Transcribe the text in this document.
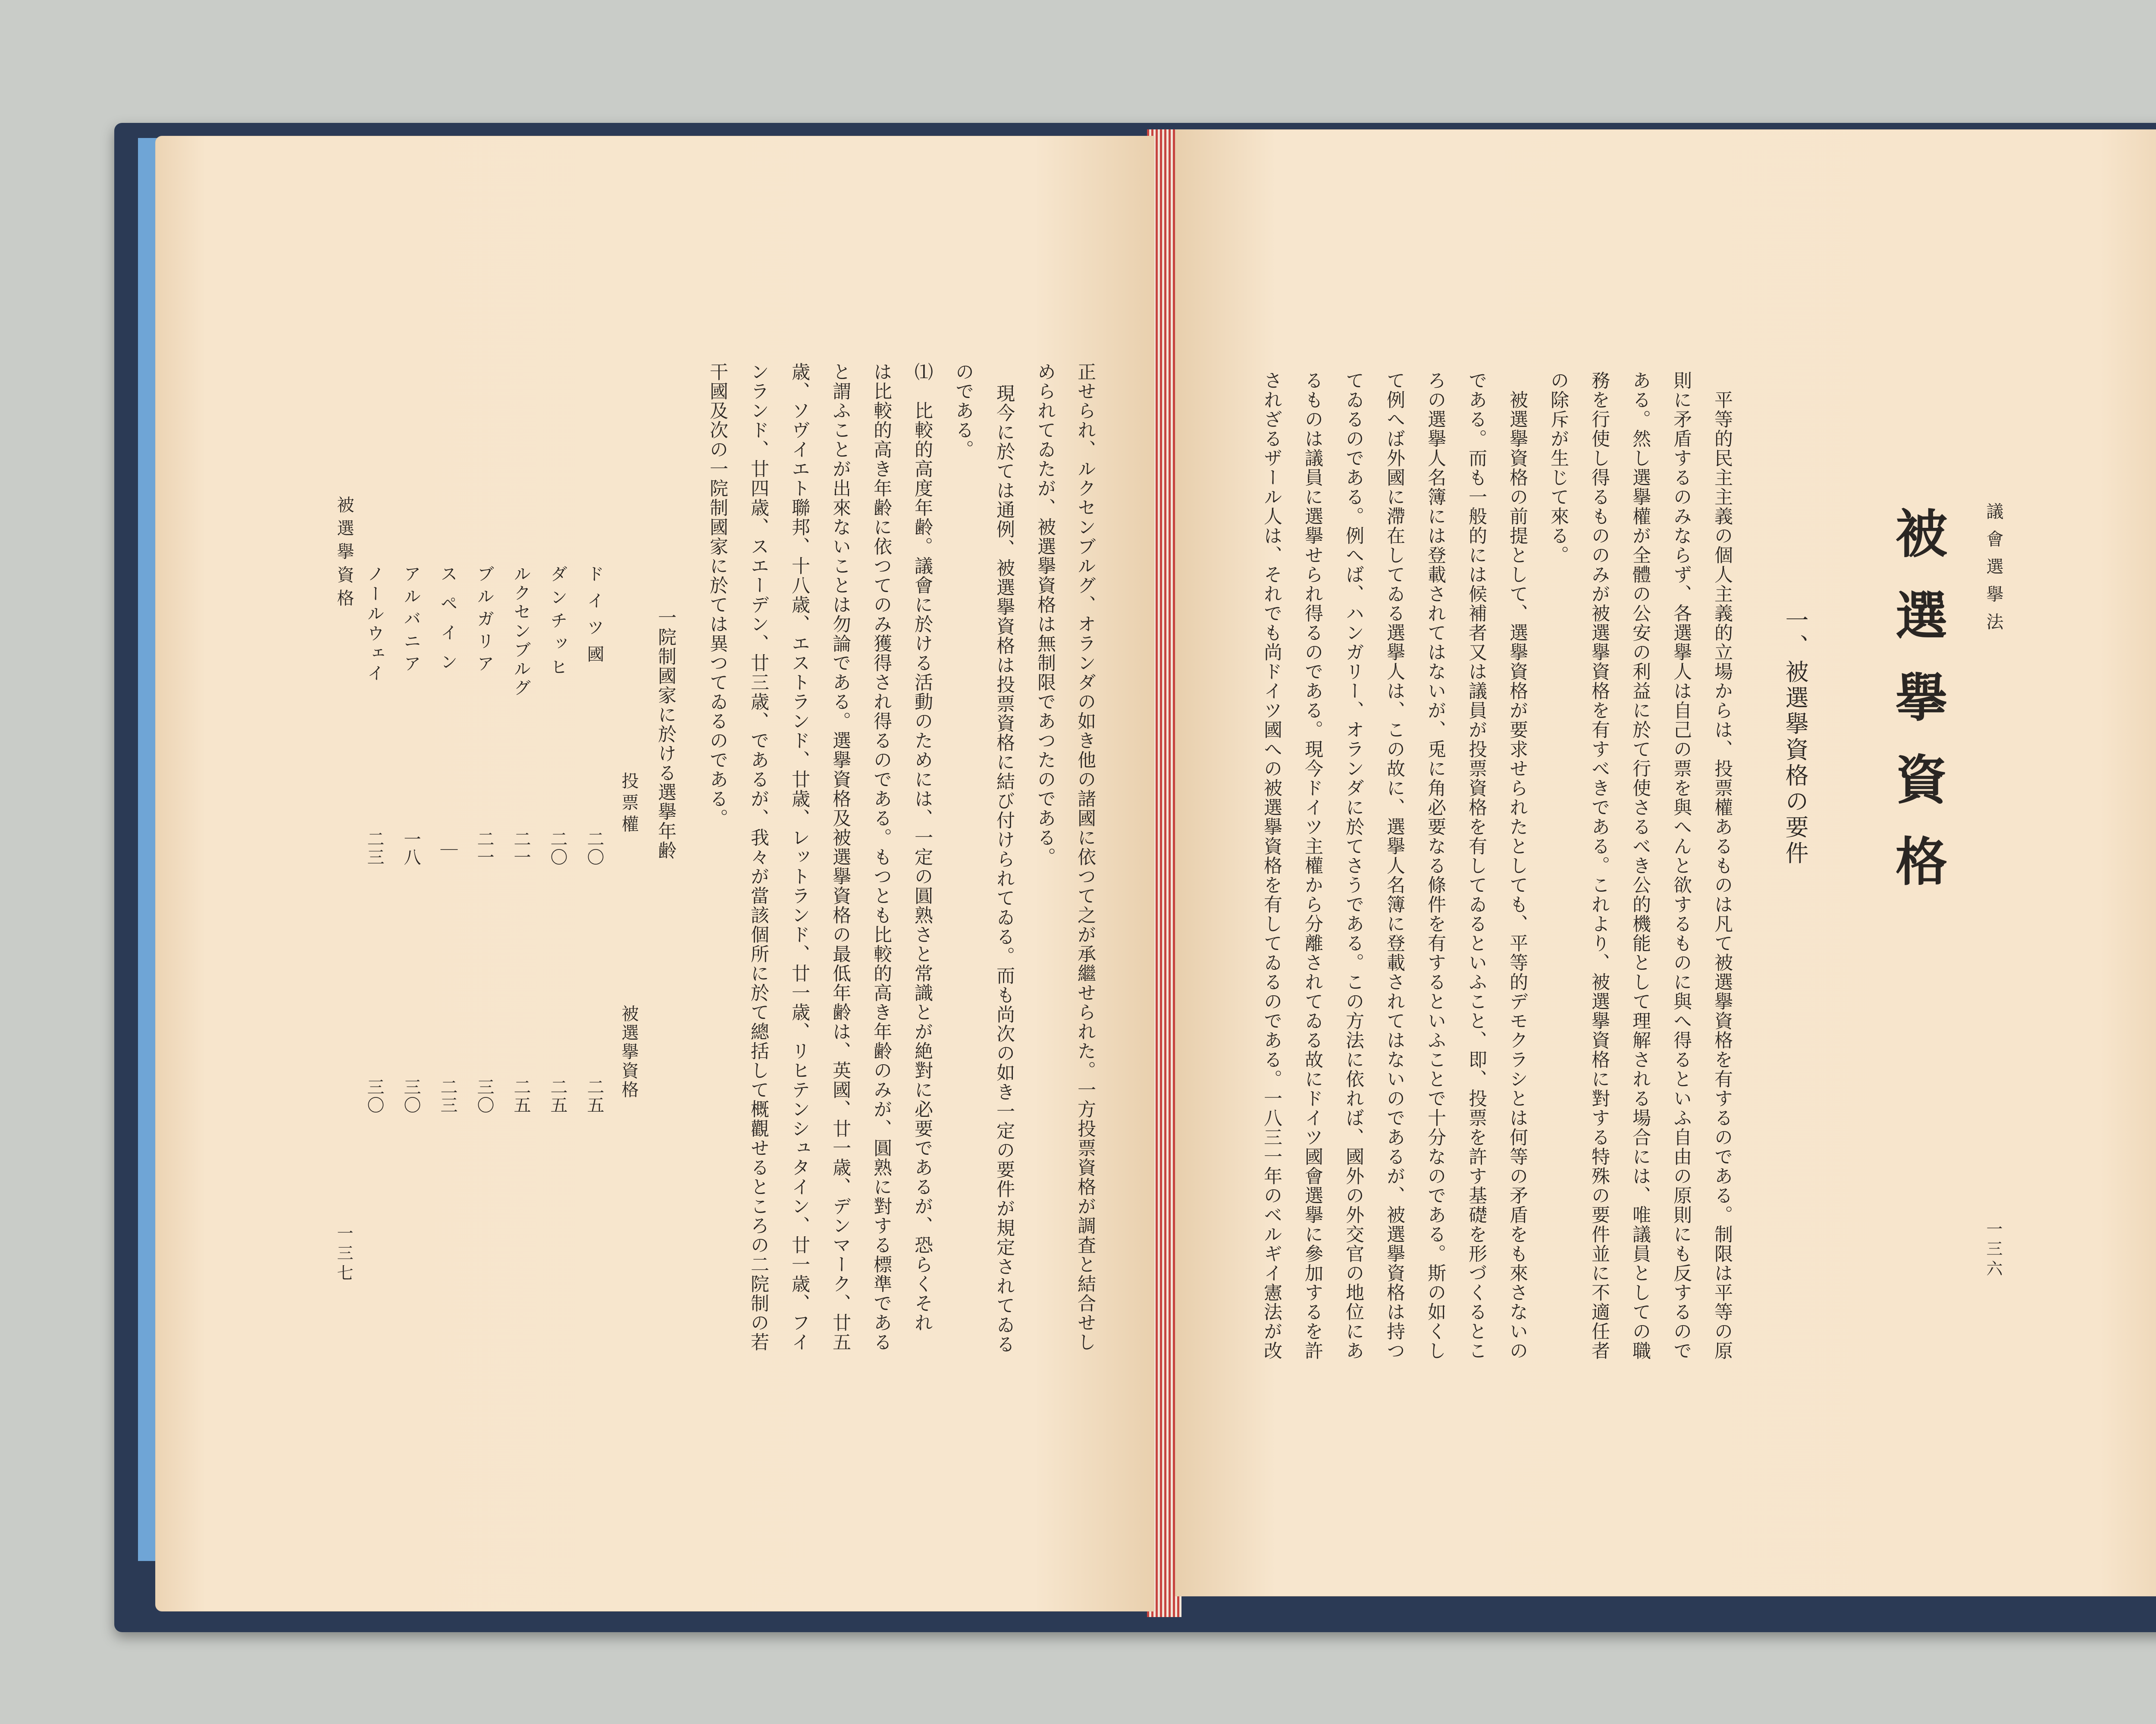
正せられ、ルクセンブルグ、オランダの如き他の諸國に依つて之が承繼せられた。一方投票資格が調査と結合せし
められてゐたが、被選擧資格は無制限であつたのである。
現今に於ては通例、被選擧資格は投票資格に結び付けられてゐる。而も尚次の如き一定の要件が規定されてゐる
のである。
⑴　比較的高度年齢。議會に於ける活動のためには、一定の圓熟さと常識とが絶對に必要であるが、恐らくそれ
は比較的高き年齢に依つてのみ獲得され得るのである。もつとも比較的高き年齢のみが、圓熟に對する標準である
と謂ふことが出來ないことは勿論である。選擧資格及被選擧資格の最低年齢は、英國、廿一歳、デンマーク、廿五
歳、ソヴイエト聯邦、十八歳、エストランド、廿歳、レットランド、廿一歳、リヒテンシュタイン、廿一歳、フイ
ンランド、廿四歳、スエーデン、廿三歳、であるが、我々が當該個所に於て總括して概觀せるところの二院制の若
干國及次の一院制國家に於ては異つてゐるのである。
一院制國家に於ける選擧年齢
投票權
被選擧資格
ドイツ國
二〇
二五
ダンチッヒ
二〇
二五
ルクセンブルグ
二一
二五
ブルガリア
二一
三〇
スペイン
｜
二三
アルバニア
一八
三〇
ノールウェイ
二三
三〇
被選擧資格
一三七
議會選擧法
一三六
被選擧資格
一、被選擧資格の要件
平等的民主主義の個人主義的立場からは、投票權あるものは凡て被選擧資格を有するのである。制限は平等の原
則に矛盾するのみならず、各選擧人は自己の票を與へんと欲するものに與へ得るといふ自由の原則にも反するので
ある。然し選擧權が全體の公安の利益に於て行使さるべき公的機能として理解される場合には、唯議員としての職
務を行使し得るもののみが被選擧資格を有すべきである。これより、被選擧資格に對する特殊の要件並に不適任者
の除斥が生じて來る。
被選擧資格の前提として、選擧資格が要求せられたとしても、平等的デモクラシとは何等の矛盾をも來さないの
である。而も一般的には候補者又は議員が投票資格を有してゐるといふこと、即、投票を許す基礎を形づくるとこ
ろの選擧人名簿には登載されてはないが、兎に角必要なる條件を有するといふことで十分なのである。斯の如くし
て例へば外國に滯在してゐる選擧人は、この故に、選擧人名簿に登載されてはないのであるが、被選擧資格は持つ
てゐるのである。例へば、ハンガリー、オランダに於てさうである。この方法に依れば、國外の外交官の地位にあ
るものは議員に選擧せられ得るのである。現今ドイツ主權から分離されてゐる故にドイツ國會選擧に參加するを許
されざるザール人は、それでも尚ドイツ國への被選擧資格を有してゐるのである。一八三一年のベルギイ憲法が改
